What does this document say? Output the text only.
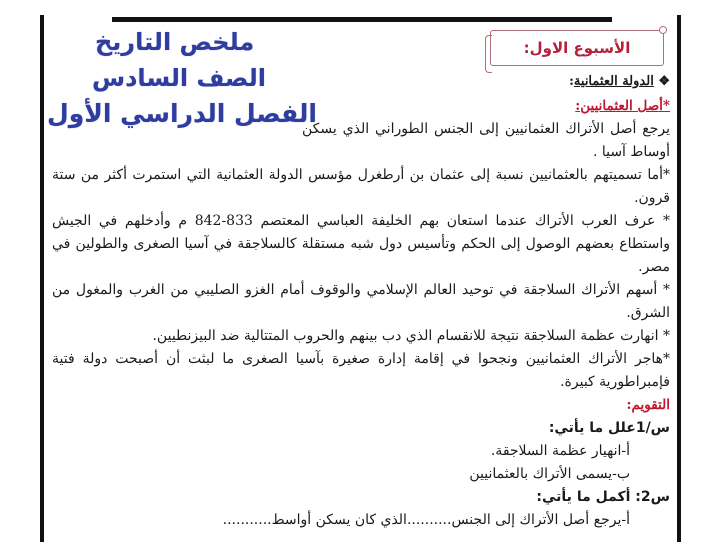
ملخص التاريخ
الصف السادس
الفصل الدراسي الأول
الأسبوع الاول:
❖ الدولة العثمانية:
*أصل العثمانيين:

يرجع أصل الأتراك العثمانيين إلى الجنس الطوراني الذي يسكن أوساط آسيا .

*أما تسميتهم بالعثمانيين نسبة إلى عثمان بن أرطغرل مؤسس الدولة العثمانية التي استمرت أكثر من ستة قرون.

* عرف العرب الأتراك عندما استعان بهم الخليفة العباسي المعتصم 833-842 م وأدخلهم في الجيش واستطاع بعضهم الوصول إلى الحكم وتأسيس دول شبه مستقلة كالسلاجقة في آسيا الصغرى والطولين في مصر.

* أسهم الأتراك السلاجقة في توحيد العالم الإسلامي والوقوف أمام الغزو الصليبي من الغرب والمغول من الشرق.

* انهارت عظمة السلاجقة نتيجة للانقسام الذي دب بينهم والحروب المتتالية ضد البيزنطيين.

*هاجر الأتراك العثمانيين ونجحوا في إقامة إدارة صغيرة بآسيا الصغرى ما لبثت أن أصبحت دولة فتية فإمبراطورية كبيرة.

التقويم:
س/1علل ما يأتي:
أ-انهيار عظمة السلاجقة.
ب-يسمى الأتراك بالعثمانيين
س2: أكمل ما يأتي:
أ-يرجع أصل الأتراك إلى الجنس..........الذي كان يسكن أواسط...........
